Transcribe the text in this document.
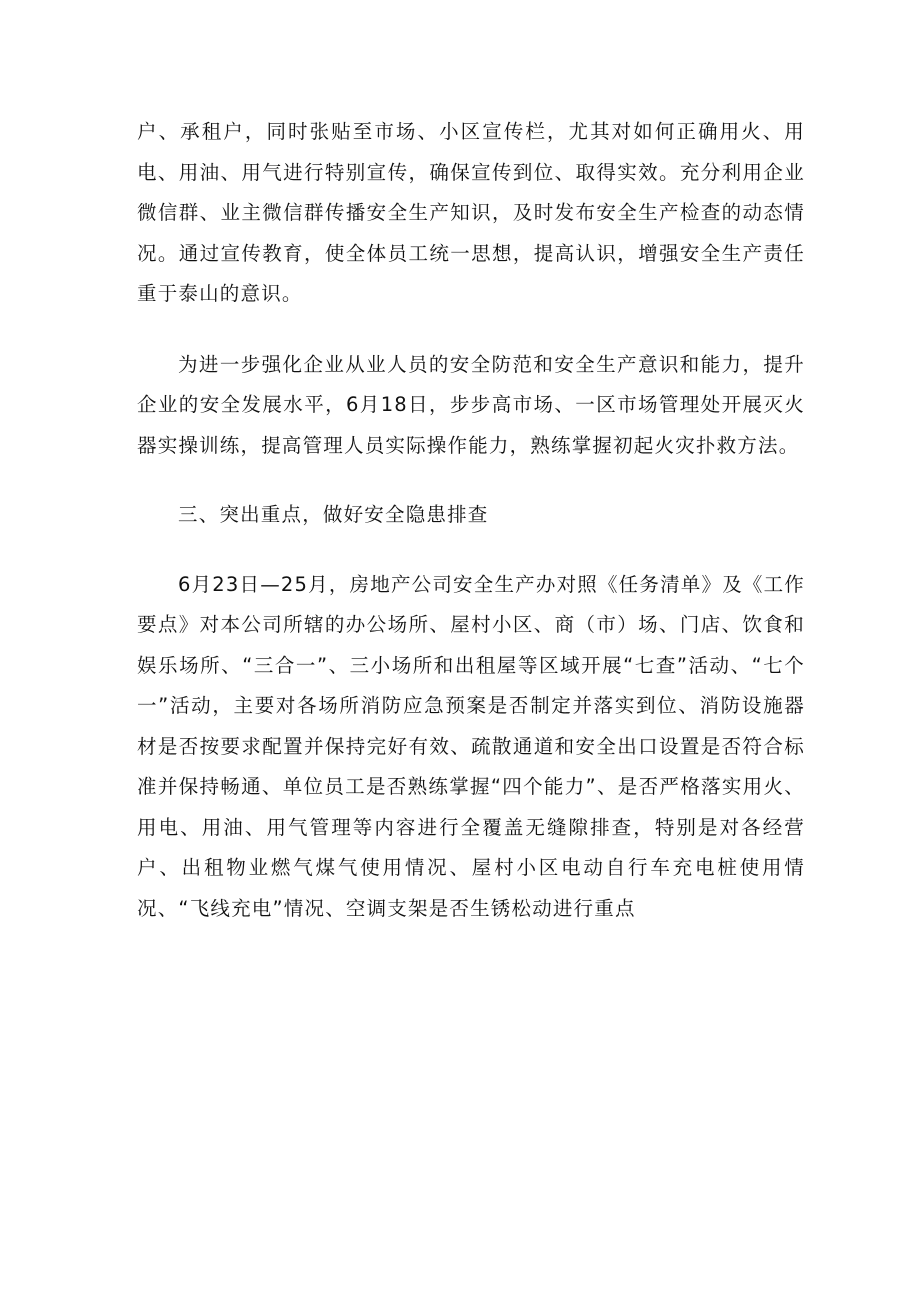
户、承租户，同时张贴至市场、小区宣传栏，尤其对如何正确用火、用电、用油、用气进行特别宣传，确保宣传到位、取得实效。充分利用企业微信群、业主微信群传播安全生产知识，及时发布安全生产检查的动态情况。通过宣传教育，使全体员工统一思想，提高认识，增强安全生产责任重于泰山的意识。

为进一步强化企业从业人员的安全防范和安全生产意识和能力，提升企业的安全发展水平，6月18日，步步高市场、一区市场管理处开展灭火器实操训练，提高管理人员实际操作能力，熟练掌握初起火灾扑救方法。

三、突出重点，做好安全隐患排查

6月23日—25月，房地产公司安全生产办对照《任务清单》及《工作要点》对本公司所辖的办公场所、屋村小区、商（市）场、门店、饮食和娱乐场所、“三合一”、三小场所和出租屋等区域开展“七查”活动、“七个一”活动，主要对各场所消防应急预案是否制定并落实到位、消防设施器材是否按要求配置并保持完好有效、疏散通道和安全出口设置是否符合标准并保持畅通、单位员工是否熟练掌握“四个能力”、是否严格落实用火、用电、用油、用气管理等内容进行全覆盖无缝隙排查，特别是对各经营户、出租物业燃气煤气使用情况、屋村小区电动自行车充电桩使用情况、“飞线充电”情况、空调支架是否生锈松动进行重点
